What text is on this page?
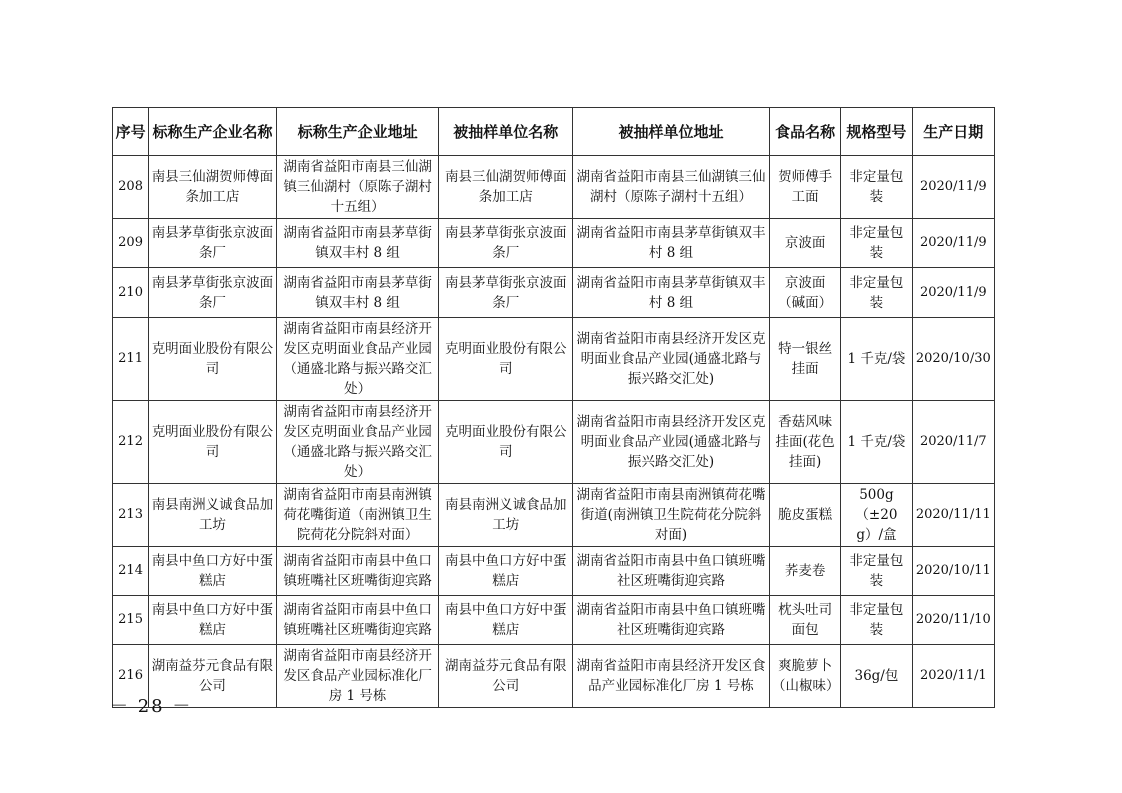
序号	标称生产企业名称	标称生产企业地址	被抽样单位名称	被抽样单位地址	食品名称	规格型号	生产日期
208	南县三仙湖贺师傅面条加工店	湖南省益阳市南县三仙湖镇三仙湖村（原陈子湖村十五组）	南县三仙湖贺师傅面条加工店	湖南省益阳市南县三仙湖镇三仙湖村（原陈子湖村十五组）	贺师傅手工面	非定量包装	2020/11/9
209	南县茅草街张京波面条厂	湖南省益阳市南县茅草街镇双丰村 8 组	南县茅草街张京波面条厂	湖南省益阳市南县茅草街镇双丰村 8 组	京波面	非定量包装	2020/11/9
210	南县茅草街张京波面条厂	湖南省益阳市南县茅草街镇双丰村 8 组	南县茅草街张京波面条厂	湖南省益阳市南县茅草街镇双丰村 8 组	京波面（碱面）	非定量包装	2020/11/9
211	克明面业股份有限公司	湖南省益阳市南县经济开发区克明面业食品产业园（通盛北路与振兴路交汇处）	克明面业股份有限公司	湖南省益阳市南县经济开发区克明面业食品产业园(通盛北路与振兴路交汇处)	特一银丝挂面	1 千克/袋	2020/10/30
212	克明面业股份有限公司	湖南省益阳市南县经济开发区克明面业食品产业园（通盛北路与振兴路交汇处）	克明面业股份有限公司	湖南省益阳市南县经济开发区克明面业食品产业园(通盛北路与振兴路交汇处)	香菇风味挂面(花色挂面)	1 千克/袋	2020/11/7
213	南县南洲义诚食品加工坊	湖南省益阳市南县南洲镇荷花嘴街道（南洲镇卫生院荷花分院斜对面）	南县南洲义诚食品加工坊	湖南省益阳市南县南洲镇荷花嘴街道(南洲镇卫生院荷花分院斜对面)	脆皮蛋糕	500g（±20g）/盒	2020/11/11
214	南县中鱼口方好中蛋糕店	湖南省益阳市南县中鱼口镇班嘴社区班嘴街迎宾路	南县中鱼口方好中蛋糕店	湖南省益阳市南县中鱼口镇班嘴社区班嘴街迎宾路	荞麦卷	非定量包装	2020/10/11
215	南县中鱼口方好中蛋糕店	湖南省益阳市南县中鱼口镇班嘴社区班嘴街迎宾路	南县中鱼口方好中蛋糕店	湖南省益阳市南县中鱼口镇班嘴社区班嘴街迎宾路	枕头吐司面包	非定量包装	2020/11/10
216	湖南益芬元食品有限公司	湖南省益阳市南县经济开发区食品产业园标准化厂房 1 号栋	湖南益芬元食品有限公司	湖南省益阳市南县经济开发区食品产业园标准化厂房 1 号栋	爽脆萝卜（山椒味）	36g/包	2020/11/1
－ 28 －
